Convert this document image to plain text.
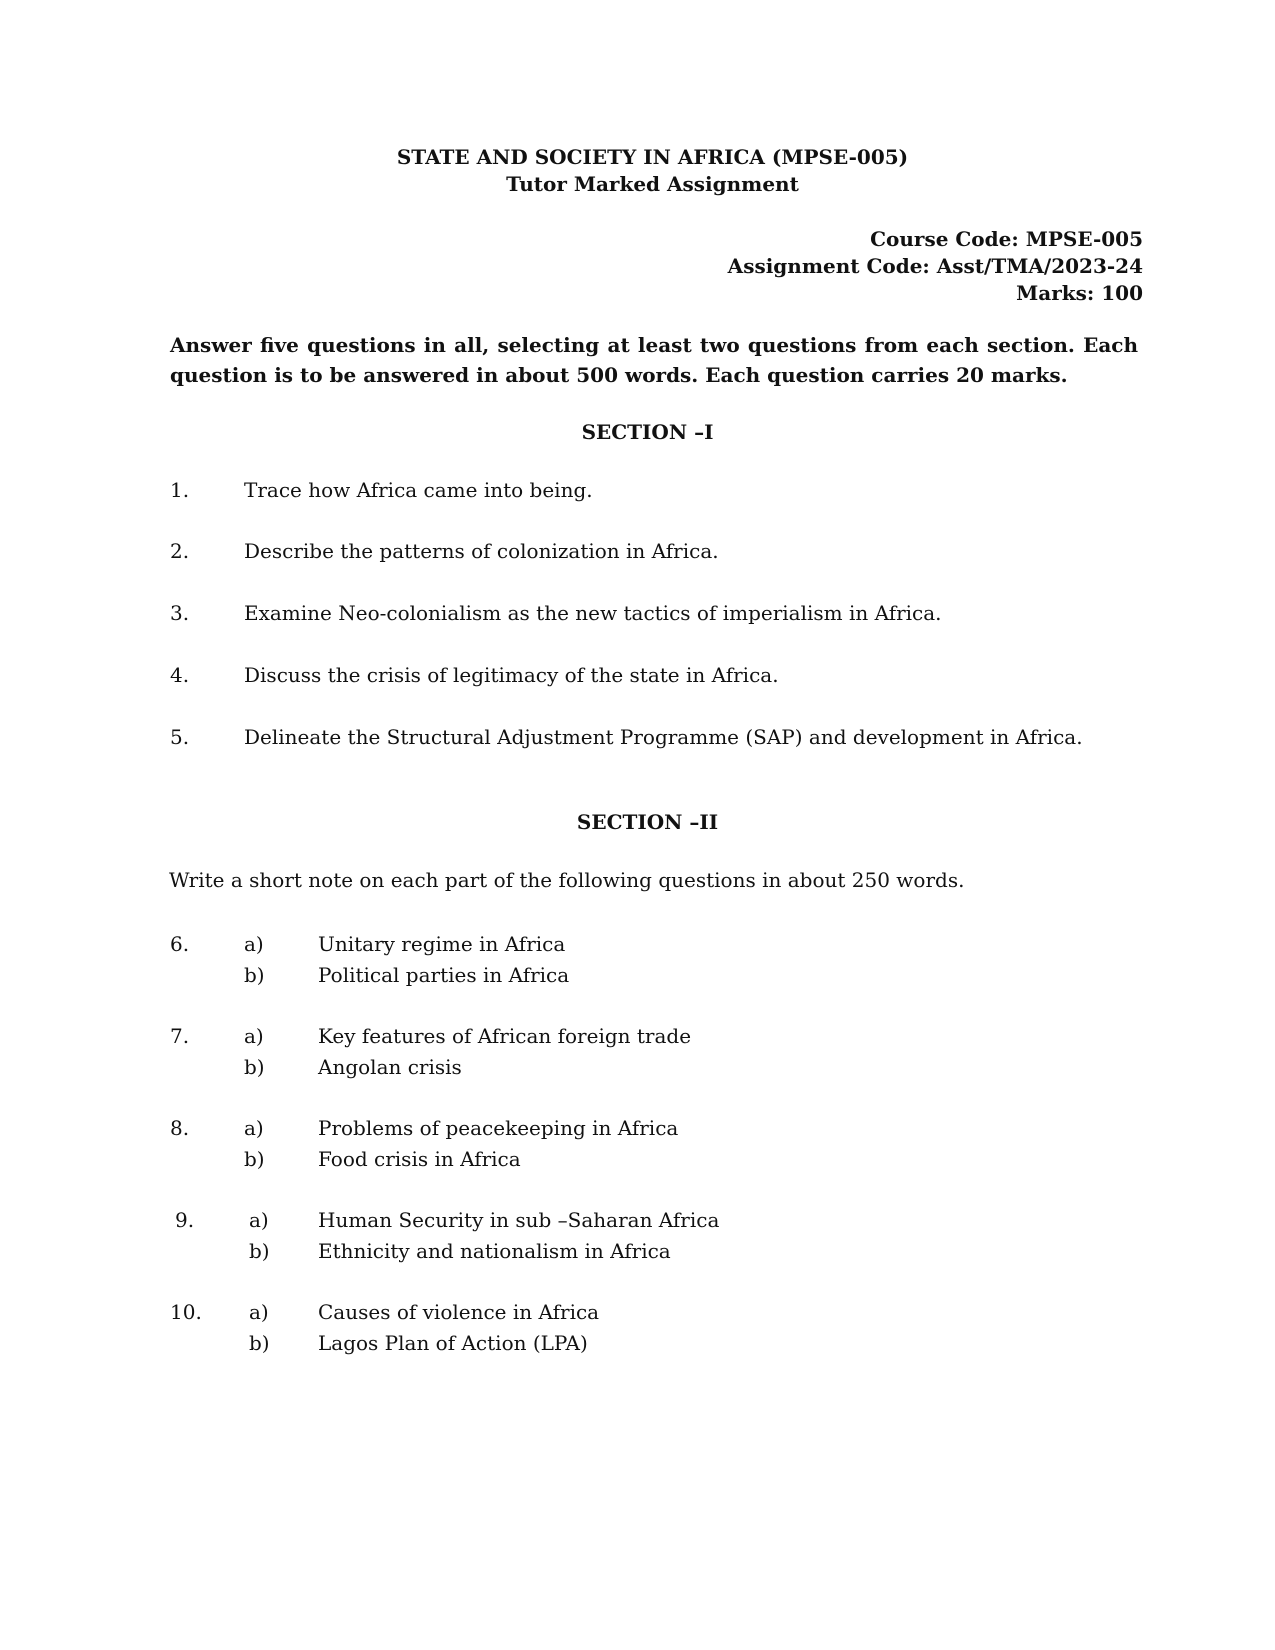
STATE AND SOCIETY IN AFRICA (MPSE-005)
Tutor Marked Assignment
Course Code: MPSE-005
Assignment Code: Asst/TMA/2023-24
Marks: 100
Answer five questions in all, selecting at least two questions from each section. Each question is to be answered in about 500 words. Each question carries 20 marks.
SECTION –I
1.	Trace how Africa came into being.
2.	Describe the patterns of colonization in Africa.
3.	Examine Neo-colonialism as the new tactics of imperialism in Africa.
4.	Discuss the crisis of legitimacy of the state in Africa.
5.	Delineate the Structural Adjustment Programme (SAP) and development in Africa.
SECTION –II
Write a short note on each part of the following questions in about 250 words.
6.	a)	Unitary regime in Africa
b)	Political parties in Africa
7.	a)	Key features of African foreign trade
b)	Angolan crisis
8.	a)	Problems of peacekeeping in Africa
b)	Food crisis in Africa
9.	a) Human Security in sub –Saharan Africa
b) Ethnicity and nationalism in Africa
10. a) Causes of violence in Africa
b) Lagos Plan of Action (LPA)
